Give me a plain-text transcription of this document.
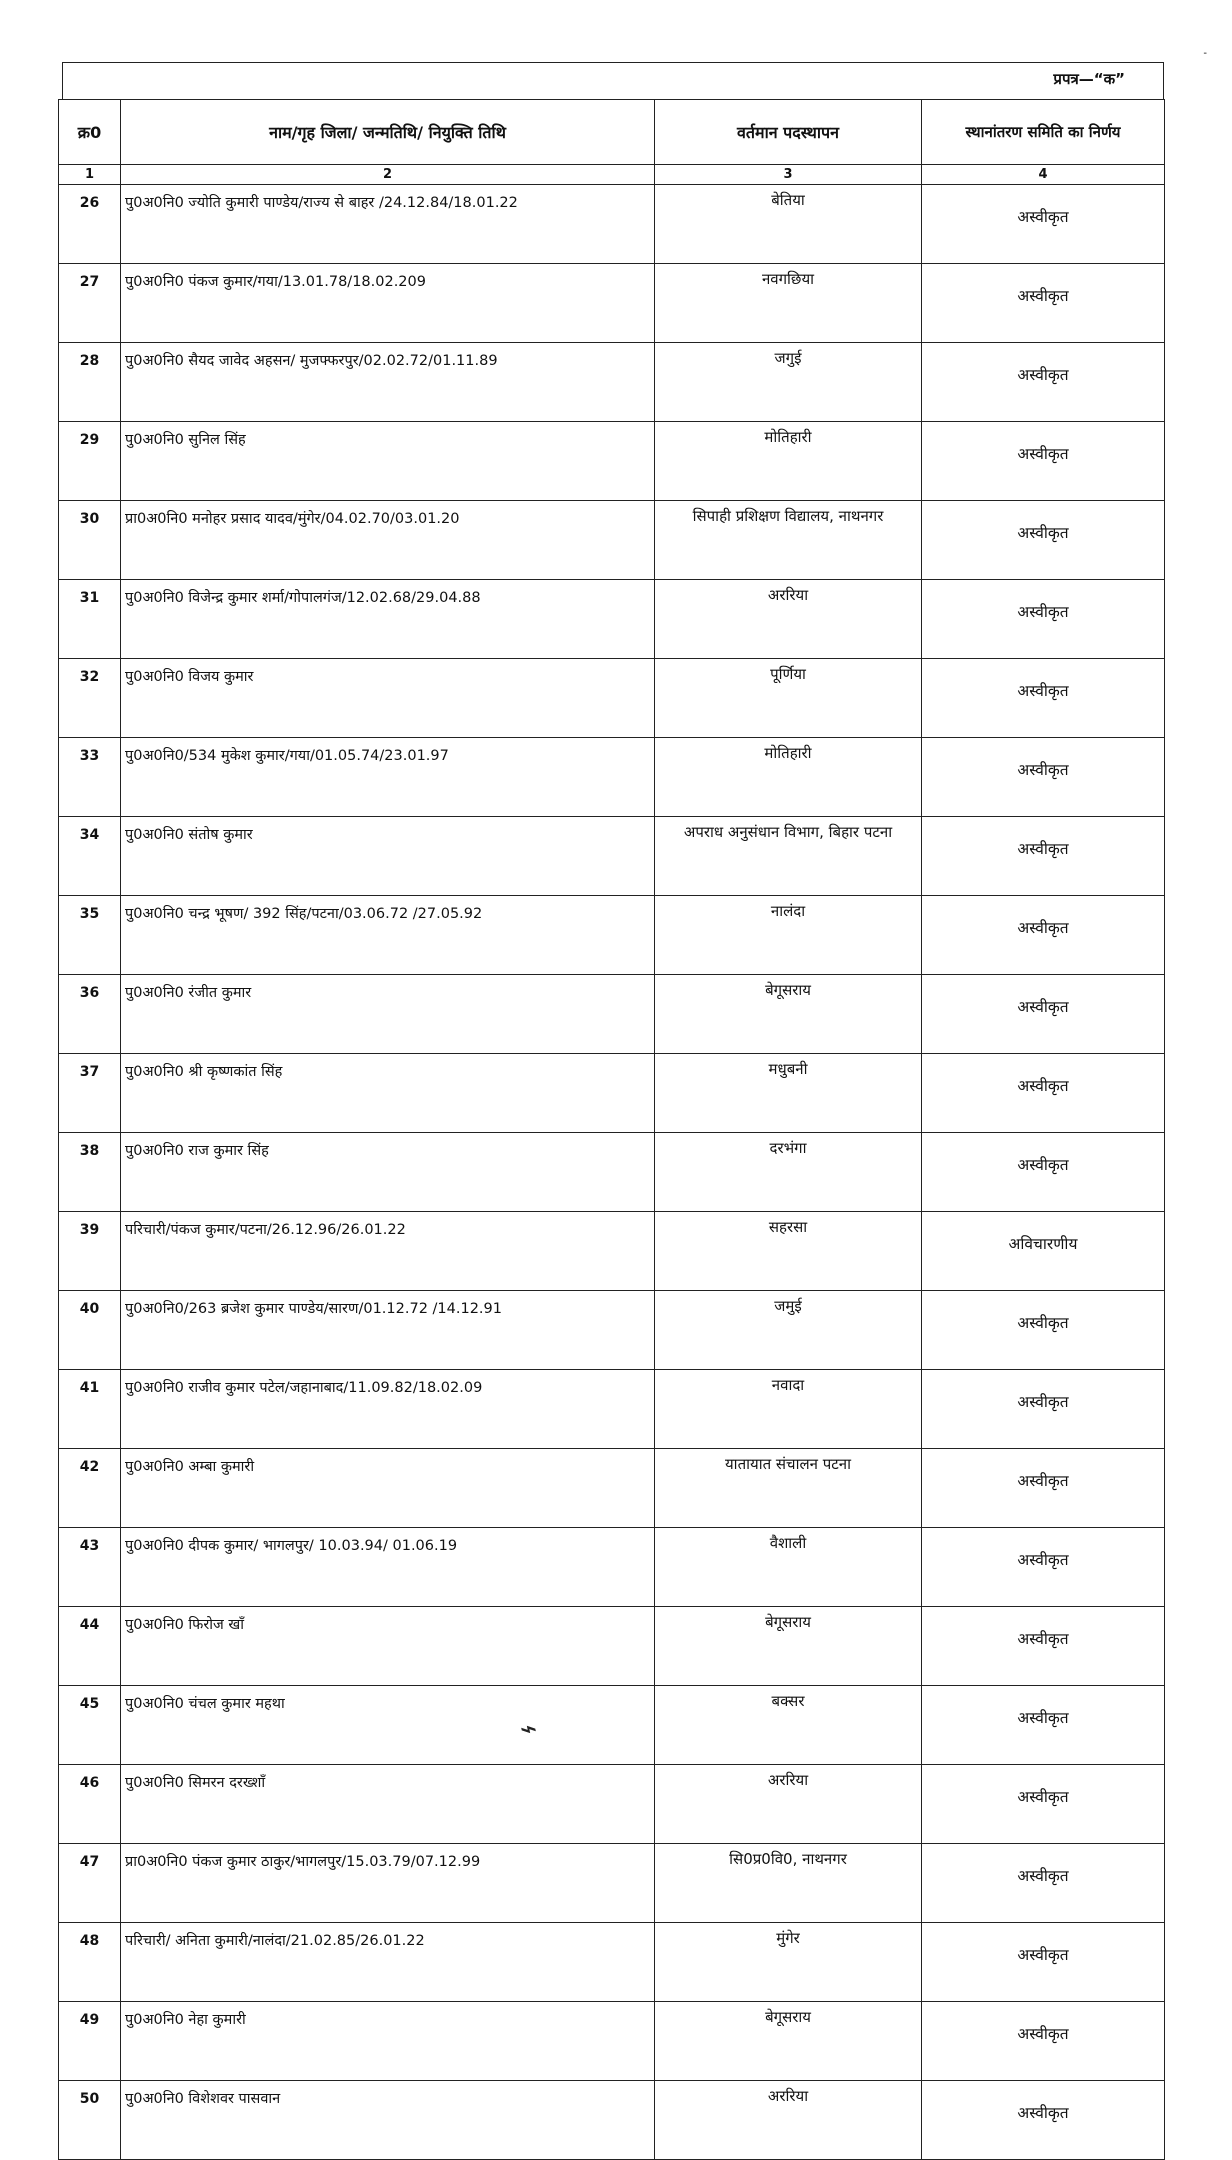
प्रपत्र—“क”
-
क्र0	नाम/गृह जिला/ जन्मतिथि/ नियुक्ति तिथि	वर्तमान पदस्थापन	स्थानांतरण समिति का निर्णय
1	2	3	4
26	पु0अ0नि0 ज्योति कुमारी पाण्डेय/राज्य से बाहर /24.12.84/18.01.22	बेतिया	अस्वीकृत
27	पु0अ0नि0 पंकज कुमार/गया/13.01.78/18.02.209	नवगछिया	अस्वीकृत
28	पु0अ0नि0 सैयद जावेद अहसन/ मुजफ्फरपुर/02.02.72/01.11.89	जगुई	अस्वीकृत
29	पु0अ0नि0 सुनिल सिंह	मोतिहारी	अस्वीकृत
30	प्रा0अ0नि0 मनोहर प्रसाद यादव/मुंगेर/04.02.70/03.01.20	सिपाही प्रशिक्षण विद्यालय, नाथनगर	अस्वीकृत
31	पु0अ0नि0 विजेन्द्र कुमार शर्मा/गोपालगंज/12.02.68/29.04.88	अररिया	अस्वीकृत
32	पु0अ0नि0 विजय कुमार	पूर्णिया	अस्वीकृत
33	पु0अ0नि0/534 मुकेश कुमार/गया/01.05.74/23.01.97	मोतिहारी	अस्वीकृत
34	पु0अ0नि0 संतोष कुमार	अपराध अनुसंधान विभाग, बिहार पटना	अस्वीकृत
35	पु0अ0नि0 चन्द्र भूषण/ 392 सिंह/पटना/03.06.72 /27.05.92	नालंदा	अस्वीकृत
36	पु0अ0नि0 रंजीत कुमार	बेगूसराय	अस्वीकृत
37	पु0अ0नि0 श्री कृष्णकांत सिंह	मधुबनी	अस्वीकृत
38	पु0अ0नि0 राज कुमार सिंह	दरभंगा	अस्वीकृत
39	परिचारी/पंकज कुमार/पटना/26.12.96/26.01.22	सहरसा	अविचारणीय
40	पु0अ0नि0/263 ब्रजेश कुमार पाण्डेय/सारण/01.12.72 /14.12.91	जमुई	अस्वीकृत
41	पु0अ0नि0 राजीव कुमार पटेल/जहानाबाद/11.09.82/18.02.09	नवादा	अस्वीकृत
42	पु0अ0नि0 अम्बा कुमारी	यातायात संचालन पटना	अस्वीकृत
43	पु0अ0नि0 दीपक कुमार/ भागलपुर/ 10.03.94/ 01.06.19	वैशाली	अस्वीकृत
44	पु0अ0नि0 फिरोज खाँ	बेगूसराय	अस्वीकृत
45	पु0अ0नि0 चंचल कुमार महथा	बक्सर	अस्वीकृत
46	पु0अ0नि0 सिमरन दरख्शाँ	अररिया	अस्वीकृत
47	प्रा0अ0नि0 पंकज कुमार ठाकुर/भागलपुर/15.03.79/07.12.99	सि0प्र0वि0, नाथनगर	अस्वीकृत
48	परिचारी/ अनिता कुमारी/नालंदा/21.02.85/26.01.22	मुंगेर	अस्वीकृत
49	पु0अ0नि0 नेहा कुमारी	बेगूसराय	अस्वीकृत
50	पु0अ0नि0 विशेशवर पासवान	अररिया	अस्वीकृत
⌁
